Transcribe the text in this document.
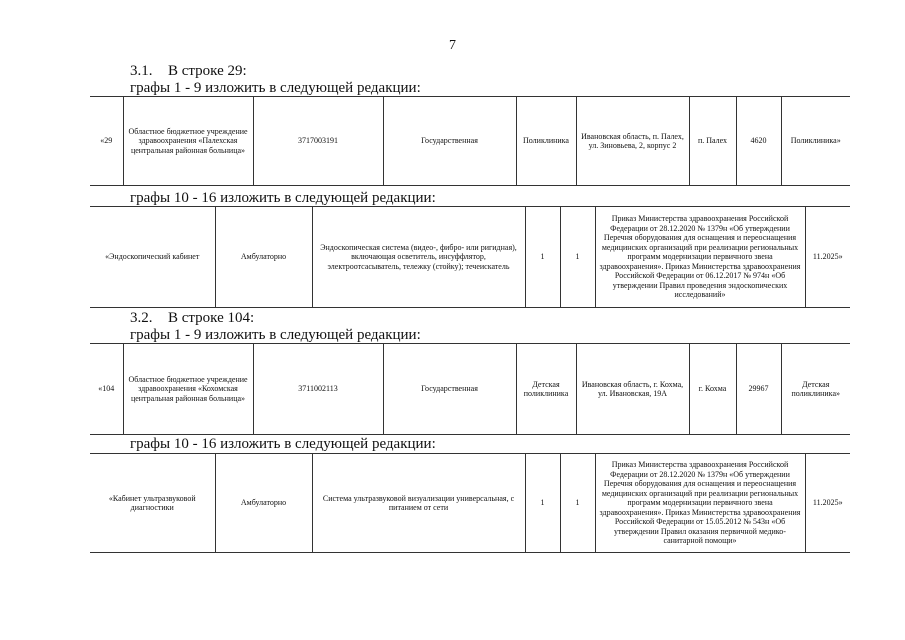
7
3.1. В строке 29:
графы 1 - 9 изложить в следующей редакции:
«29	Областное бюджетное учреждение здравоохранения «Палехская центральная районная больница»	3717003191	Государственная	Поликлиника	Ивановская область, п. Палех, ул. Зиновьева, 2, корпус 2	п. Палех	4620	Поликлиника»
графы 10 - 16 изложить в следующей редакции:
«Эндоскопический кабинет	Амбулаторно	Эндоскопическая система (видео-, фибро- или ригидная), включающая осветитель, инсуффлятор, электроотсасыватель, тележку (стойку); течеискатель	1	1	Приказ Министерства здравоохранения Российской Федерации от 28.12.2020 № 1379н «Об утверждении Перечня оборудования для оснащения и переоснащения медицинских организаций при реализации региональных программ модернизации первичного звена здравоохранения». Приказ Министерства здравоохранения Российской Федерации от 06.12.2017 № 974н «Об утверждении Правил проведения эндоскопических исследований»	11.2025»
3.2. В строке 104:
графы 1 - 9 изложить в следующей редакции:
«104	Областное бюджетное учреждение здравоохранения «Кохомская центральная районная больница»	3711002113	Государственная	Детская поликлиника	Ивановская область, г. Кохма, ул. Ивановская, 19А	г. Кохма	29967	Детская поликлиника»
графы 10 - 16 изложить в следующей редакции:
«Кабинет ультразвуковой диагностики	Амбулаторно	Система ультразвуковой визуализации универсальная, с питанием от сети	1	1	Приказ Министерства здравоохранения Российской Федерации от 28.12.2020 № 1379н «Об утверждении Перечня оборудования для оснащения и переоснащения медицинских организаций при реализации региональных программ модернизации первичного звена здравоохранения». Приказ Министерства здравоохранения Российской Федерации от 15.05.2012 № 543н «Об утверждении Правил оказания первичной медико-санитарной помощи»	11.2025»
